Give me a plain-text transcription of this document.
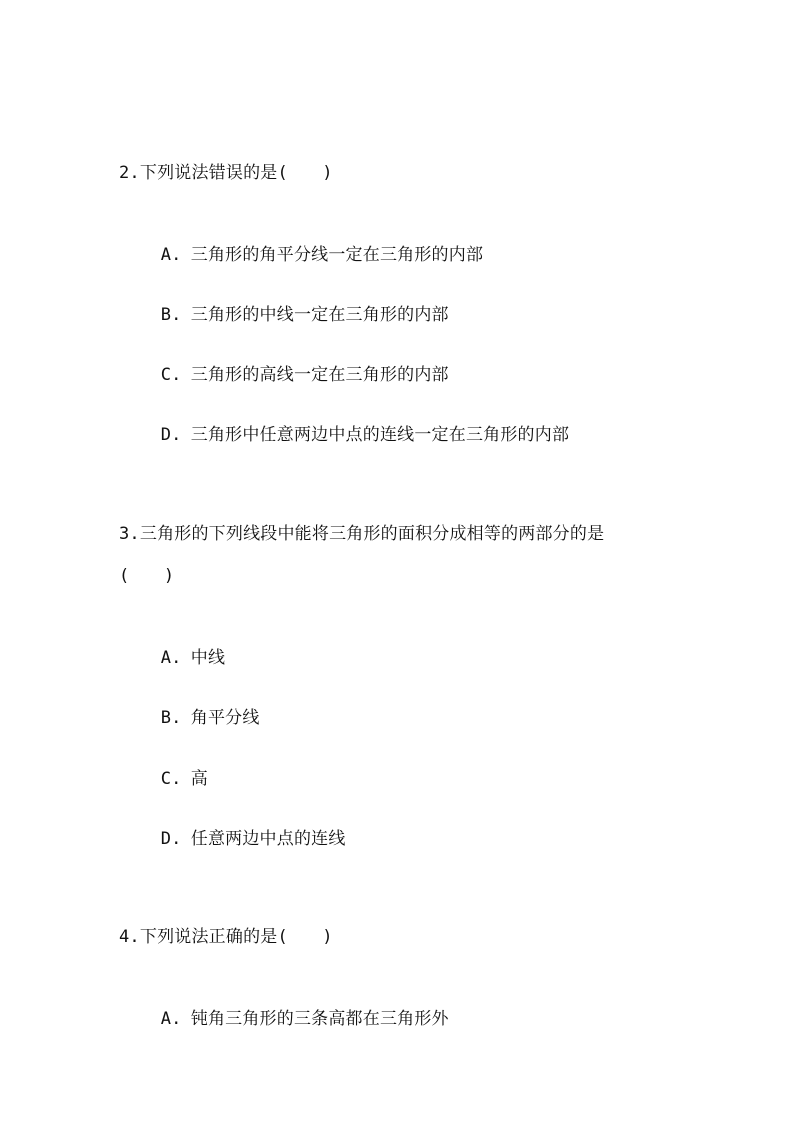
2.下列说法错误的是(　　)

A. 三角形的角平分线一定在三角形的内部

B. 三角形的中线一定在三角形的内部

C. 三角形的高线一定在三角形的内部

D. 三角形中任意两边中点的连线一定在三角形的内部

3.三角形的下列线段中能将三角形的面积分成相等的两部分的是
(　　)

A. 中线

B. 角平分线

C. 高

D. 任意两边中点的连线

4.下列说法正确的是(　　)

A. 钝角三角形的三条高都在三角形外
